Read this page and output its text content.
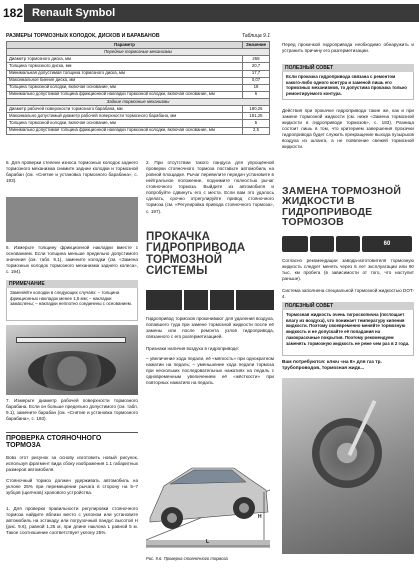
182 Renault Symbol
РАЗМЕРЫ ТОРМОЗНЫХ КОЛОДОК, ДИСКОВ И БАРАБАНОВ	Таблица 9.1
Параметр	Значение
Передние тормозные механизмы	
Диаметр тормозного диска, мм	259
Толщина тормозного диска, мм	20,7
Минимальная допустимая толщина тормозного диска, мм	17,7
Максимальное биение диска, мм	0,07
Толщина тормозной колодки, включая основание, мм	18
Минимально допустимая толщина фрикционной накладки тормозной колодки, включая основание, мм	6
Задние тормозные механизмы	
Диаметр рабочей поверхности тормозного барабана, мм	180,25
Максимально допустимый диаметр рабочей поверхности тормозного барабана, мм	181,25
Толщина тормозной колодки, включая основание, мм	5
Минимально допустимая толщина фрикционной накладки тормозной колодки, включая основание, мм	2,5
5. Для проверки степени износа тормозных колодок заднего тормозного механизма снимите задние колодки и тормозной барабан (см. «Снятие и установка тормозного барабана», с. 193).
6. Измерьте толщину фрикционной накладки вместе с основанием. Если толщина меньше предельно допустимого значения (см. табл. 9.1), замените колодки (см. «Замена тормозных колодок тормозного механизма заднего колеса», с. 194).
ПРИМЕЧАНИЕ
Заменяйте колодки в следующих случаях: – толщина фрикционных накладок менее 1,5 мм; – накладки замаслены; – накладки неплотно соединены с основанием.
7. Измерьте диаметр рабочей поверхности тормозного барабана. Если он больше предельно допустимого (см. табл. 9.1), замените барабан (см. «Снятие и установка тормозного барабана», с. 193).
ПРОВЕРКА СТОЯНОЧНОГО ТОРМОЗА
Вовз этот рисунок за основу изготовить новый рисунок, используя фрагмент вида сбоку изображения 1.1 габаритных размеров автомобиля.
Стояночный тормоз должен удерживать автомобиль на уклоне 25% при перемещении рычага в сторону на 5–7 зубцов (щелчков) храпового устройства.
1. Для проверки правильности регулировки стояночного тормоза найдите вблизи место с уклоном или установите автомобиль на эстакаду или погрузочный пандус высотой H (рис. 9.6), равной 1,25 м, при длине наклона L равной 5 м. Такое соотношение соответствует уклону 25%.
2. При отсутствии такого пандуса для упрощённой проверки стояночного тормоза поставьте автомобиль на ровной площадке. Рычаг перевелите передач установите в нейтральное положение, поднимите полностью рычаг стояночного тормоза. Выйдите из автомобиля и попробуйте сдвинуть его с места. Если вам это удалось сделать, срочно отрегулируйте привод стояночного тормоза (см. «Регулировка привода стояночного тормоза», с. 197).
ПРОКАЧКА ГИДРОПРИВОДА ТОРМОЗНОЙ СИСТЕМЫ
Гидропривод тормозов прокачивают для удаления воздуха, попавшего туда при замене тормозной жидкости после её замены или после ремонта узлов гидропривода, связанного с его разгерметизацией.
Признаки наличия воздуха в гидроприводе:
– увеличение хода педали, её «мягкость» при однократном нажатии на педаль; – уменьшение хода педали тормоза при нескольких последовательных нажатиях на педаль с одновременным увеличением её «жёсткости» при повторных нажатиях на педаль.
H
L
Рис. 9.6. Проверка стояночного тормоза
Перед прокачкой гидропривода необходимо обнаружить и устранить причину его разгерметизации.
ПОЛЕЗНЫЙ СОВЕТ
Если прокачка гидропривода связана с ремонтом какого-либо одного контура и заменой лишь его тормозных механизмов, то допустима прокачка только ремонтируемого контура.
Действия при прокачке гидропривода такие же, как и при замене тормозной жидкости (см. ниже «Замена тормозной жидкости в гидроприводе тормозов», с. 183). Разница состоит лишь в том, что критерием завершения прокачки гидропривода будет служить прекращение выхода пузырьков воздуха из шланга, а не появление свежей тормозной жидкости.
ЗАМЕНА ТОРМОЗНОЙ ЖИДКОСТИ В ГИДРОПРИВОДЕ ТОРМОЗОВ
60
Согласно рекомендации завода-изготовителя тормозную жидкость следует менять через 6 лет эксплуатации или 90 тыс. км пробега (в зависимости от того, что наступит раньше).
Система заполнена специальной тормозной жидкостью DOT-4.
ПОЛЕЗНЫЙ СОВЕТ
Тормозная жидкость очень гигроскопична (поглощает влагу из воздуха), что понижает температуру кипения жидкости. Поэтому своевременно меняйте тормозную жидкость и не допускайте её попадания на лакокрасочные покрытия. Поэтому рекомендуем заменять тормозную жидкость не реже чем раз в 2 года.
Вам потребуются: ключ «на 8» для газ тр. трубопроводов, тормозная жидк...
